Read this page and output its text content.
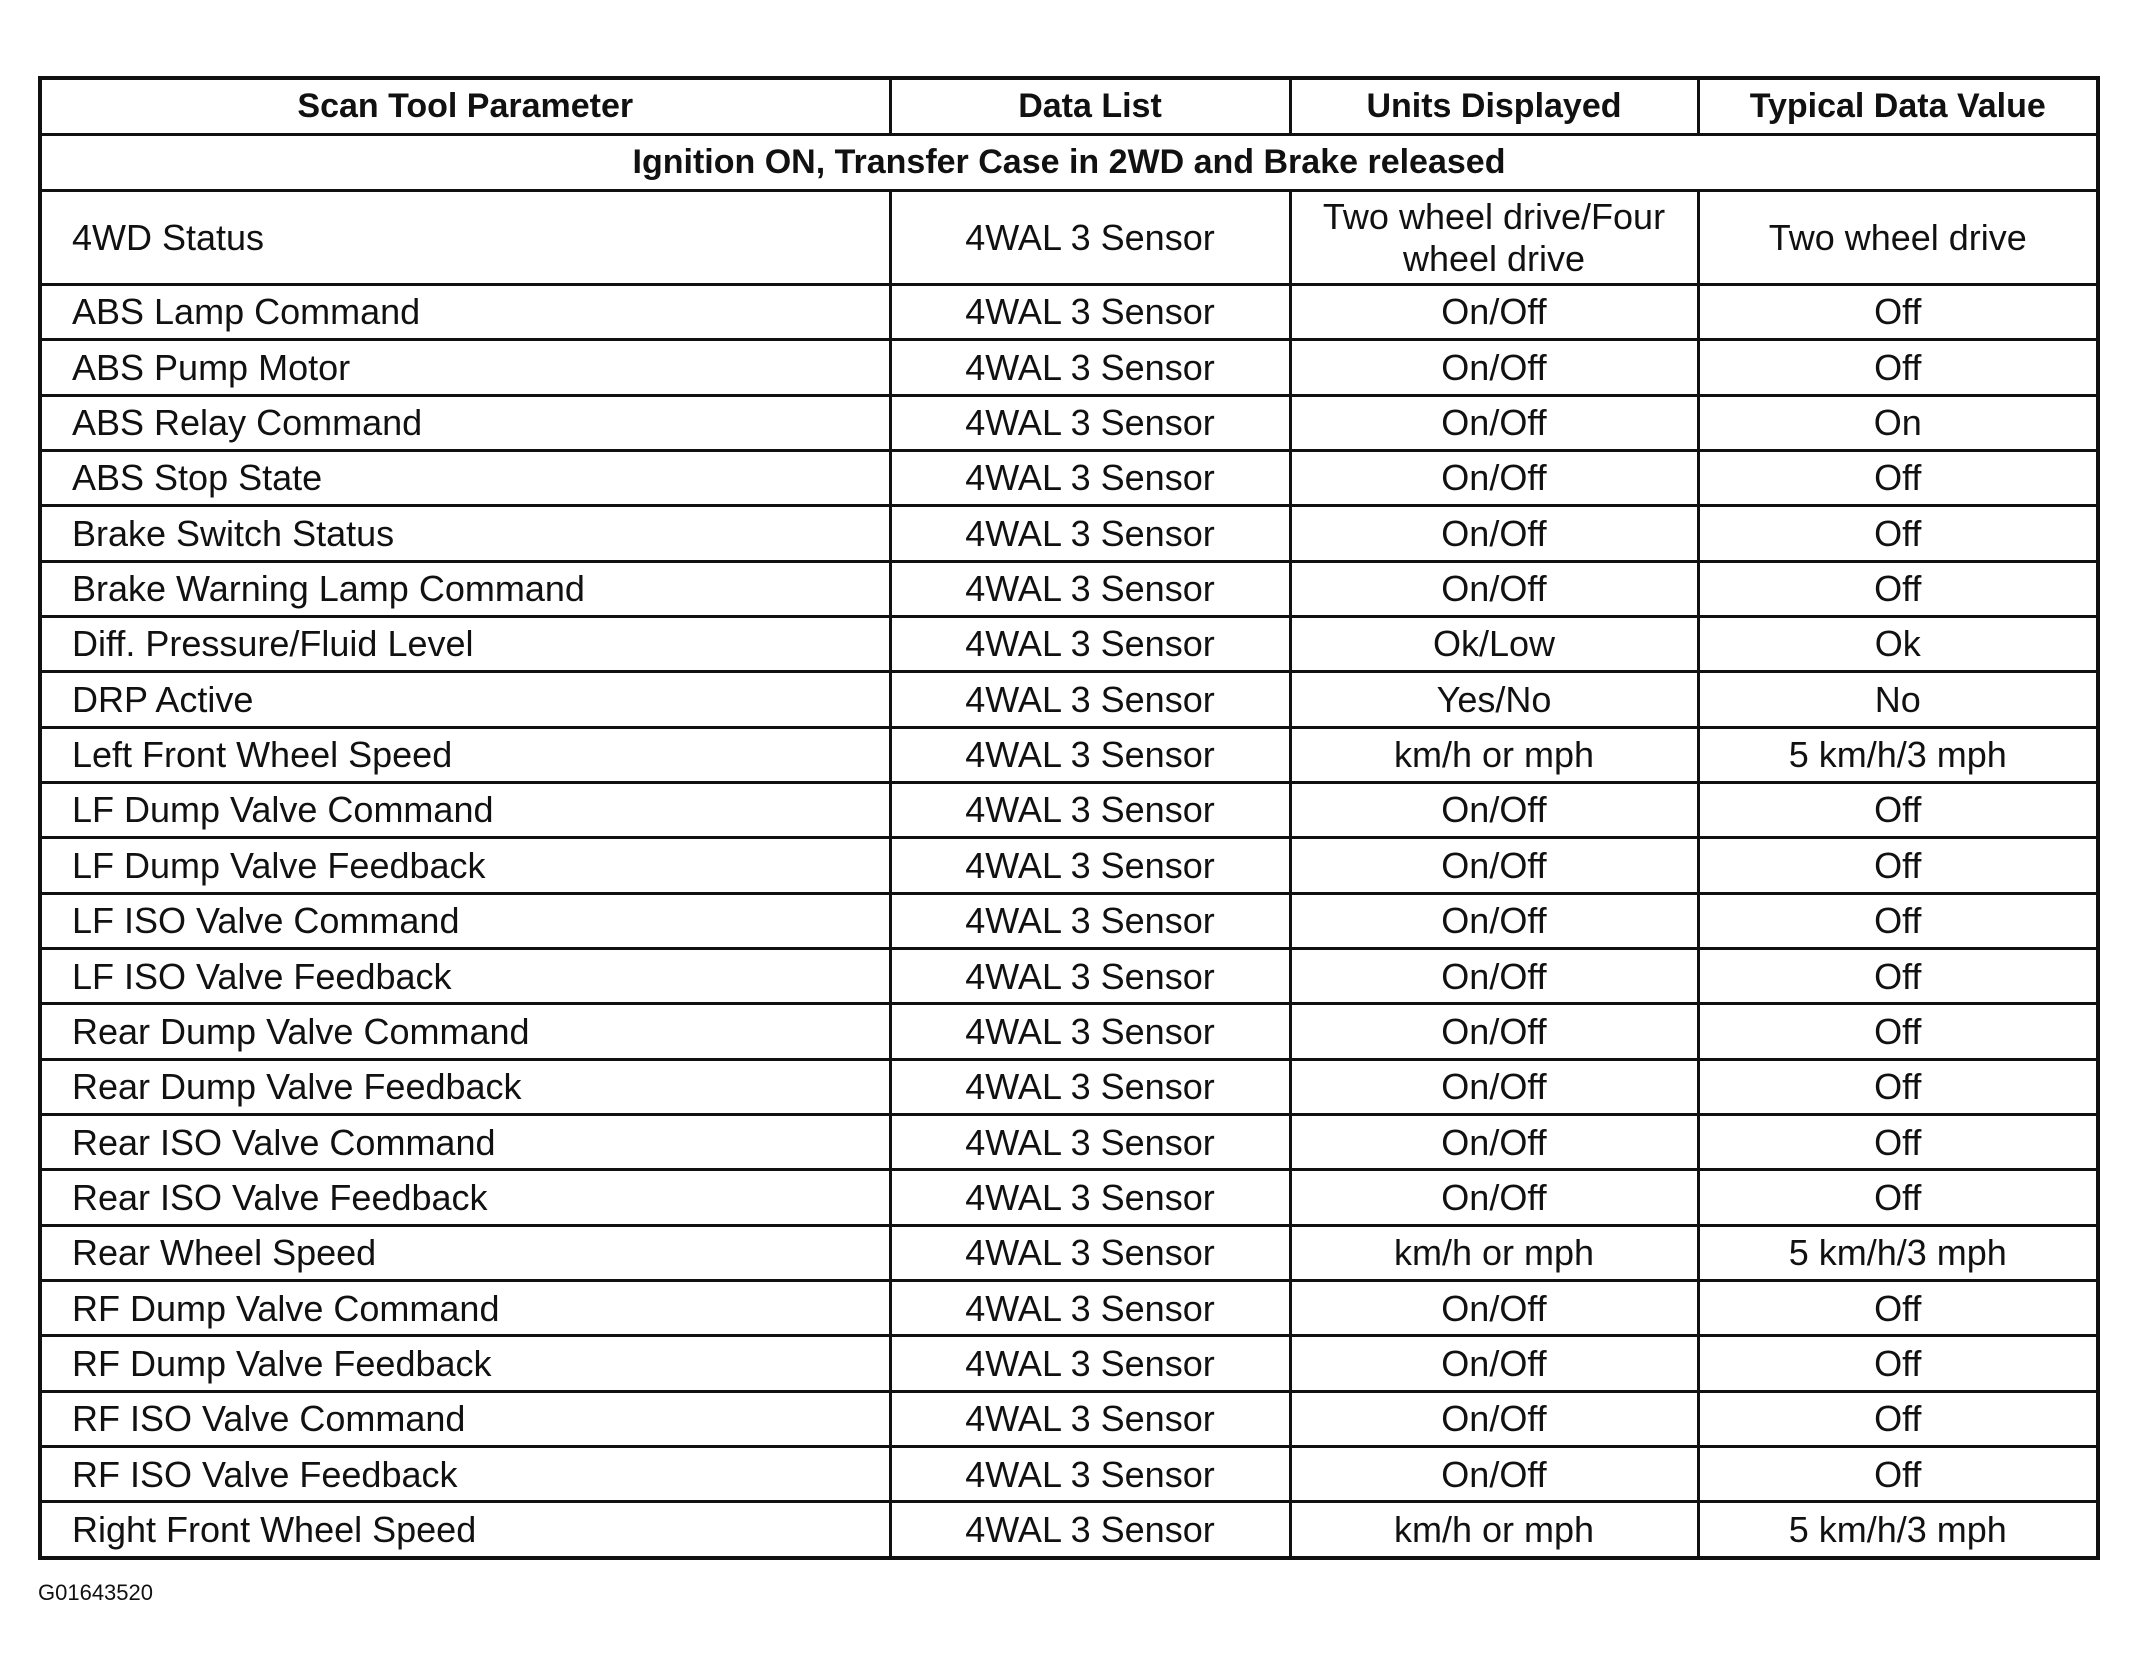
Scan Tool Parameter	Data List	Units Displayed	Typical Data Value
Ignition ON, Transfer Case in 2WD and Brake released			
4WD Status	4WAL 3 Sensor	Two wheel drive/Four wheel drive	Two wheel drive
ABS Lamp Command	4WAL 3 Sensor	On/Off	Off
ABS Pump Motor	4WAL 3 Sensor	On/Off	Off
ABS Relay Command	4WAL 3 Sensor	On/Off	On
ABS Stop State	4WAL 3 Sensor	On/Off	Off
Brake Switch Status	4WAL 3 Sensor	On/Off	Off
Brake Warning Lamp Command	4WAL 3 Sensor	On/Off	Off
Diff. Pressure/Fluid Level	4WAL 3 Sensor	Ok/Low	Ok
DRP Active	4WAL 3 Sensor	Yes/No	No
Left Front Wheel Speed	4WAL 3 Sensor	km/h or mph	5 km/h/3 mph
LF Dump Valve Command	4WAL 3 Sensor	On/Off	Off
LF Dump Valve Feedback	4WAL 3 Sensor	On/Off	Off
LF ISO Valve Command	4WAL 3 Sensor	On/Off	Off
LF ISO Valve Feedback	4WAL 3 Sensor	On/Off	Off
Rear Dump Valve Command	4WAL 3 Sensor	On/Off	Off
Rear Dump Valve Feedback	4WAL 3 Sensor	On/Off	Off
Rear ISO Valve Command	4WAL 3 Sensor	On/Off	Off
Rear ISO Valve Feedback	4WAL 3 Sensor	On/Off	Off
Rear Wheel Speed	4WAL 3 Sensor	km/h or mph	5 km/h/3 mph
RF Dump Valve Command	4WAL 3 Sensor	On/Off	Off
RF Dump Valve Feedback	4WAL 3 Sensor	On/Off	Off
RF ISO Valve Command	4WAL 3 Sensor	On/Off	Off
RF ISO Valve Feedback	4WAL 3 Sensor	On/Off	Off
Right Front Wheel Speed	4WAL 3 Sensor	km/h or mph	5 km/h/3 mph
G01643520
